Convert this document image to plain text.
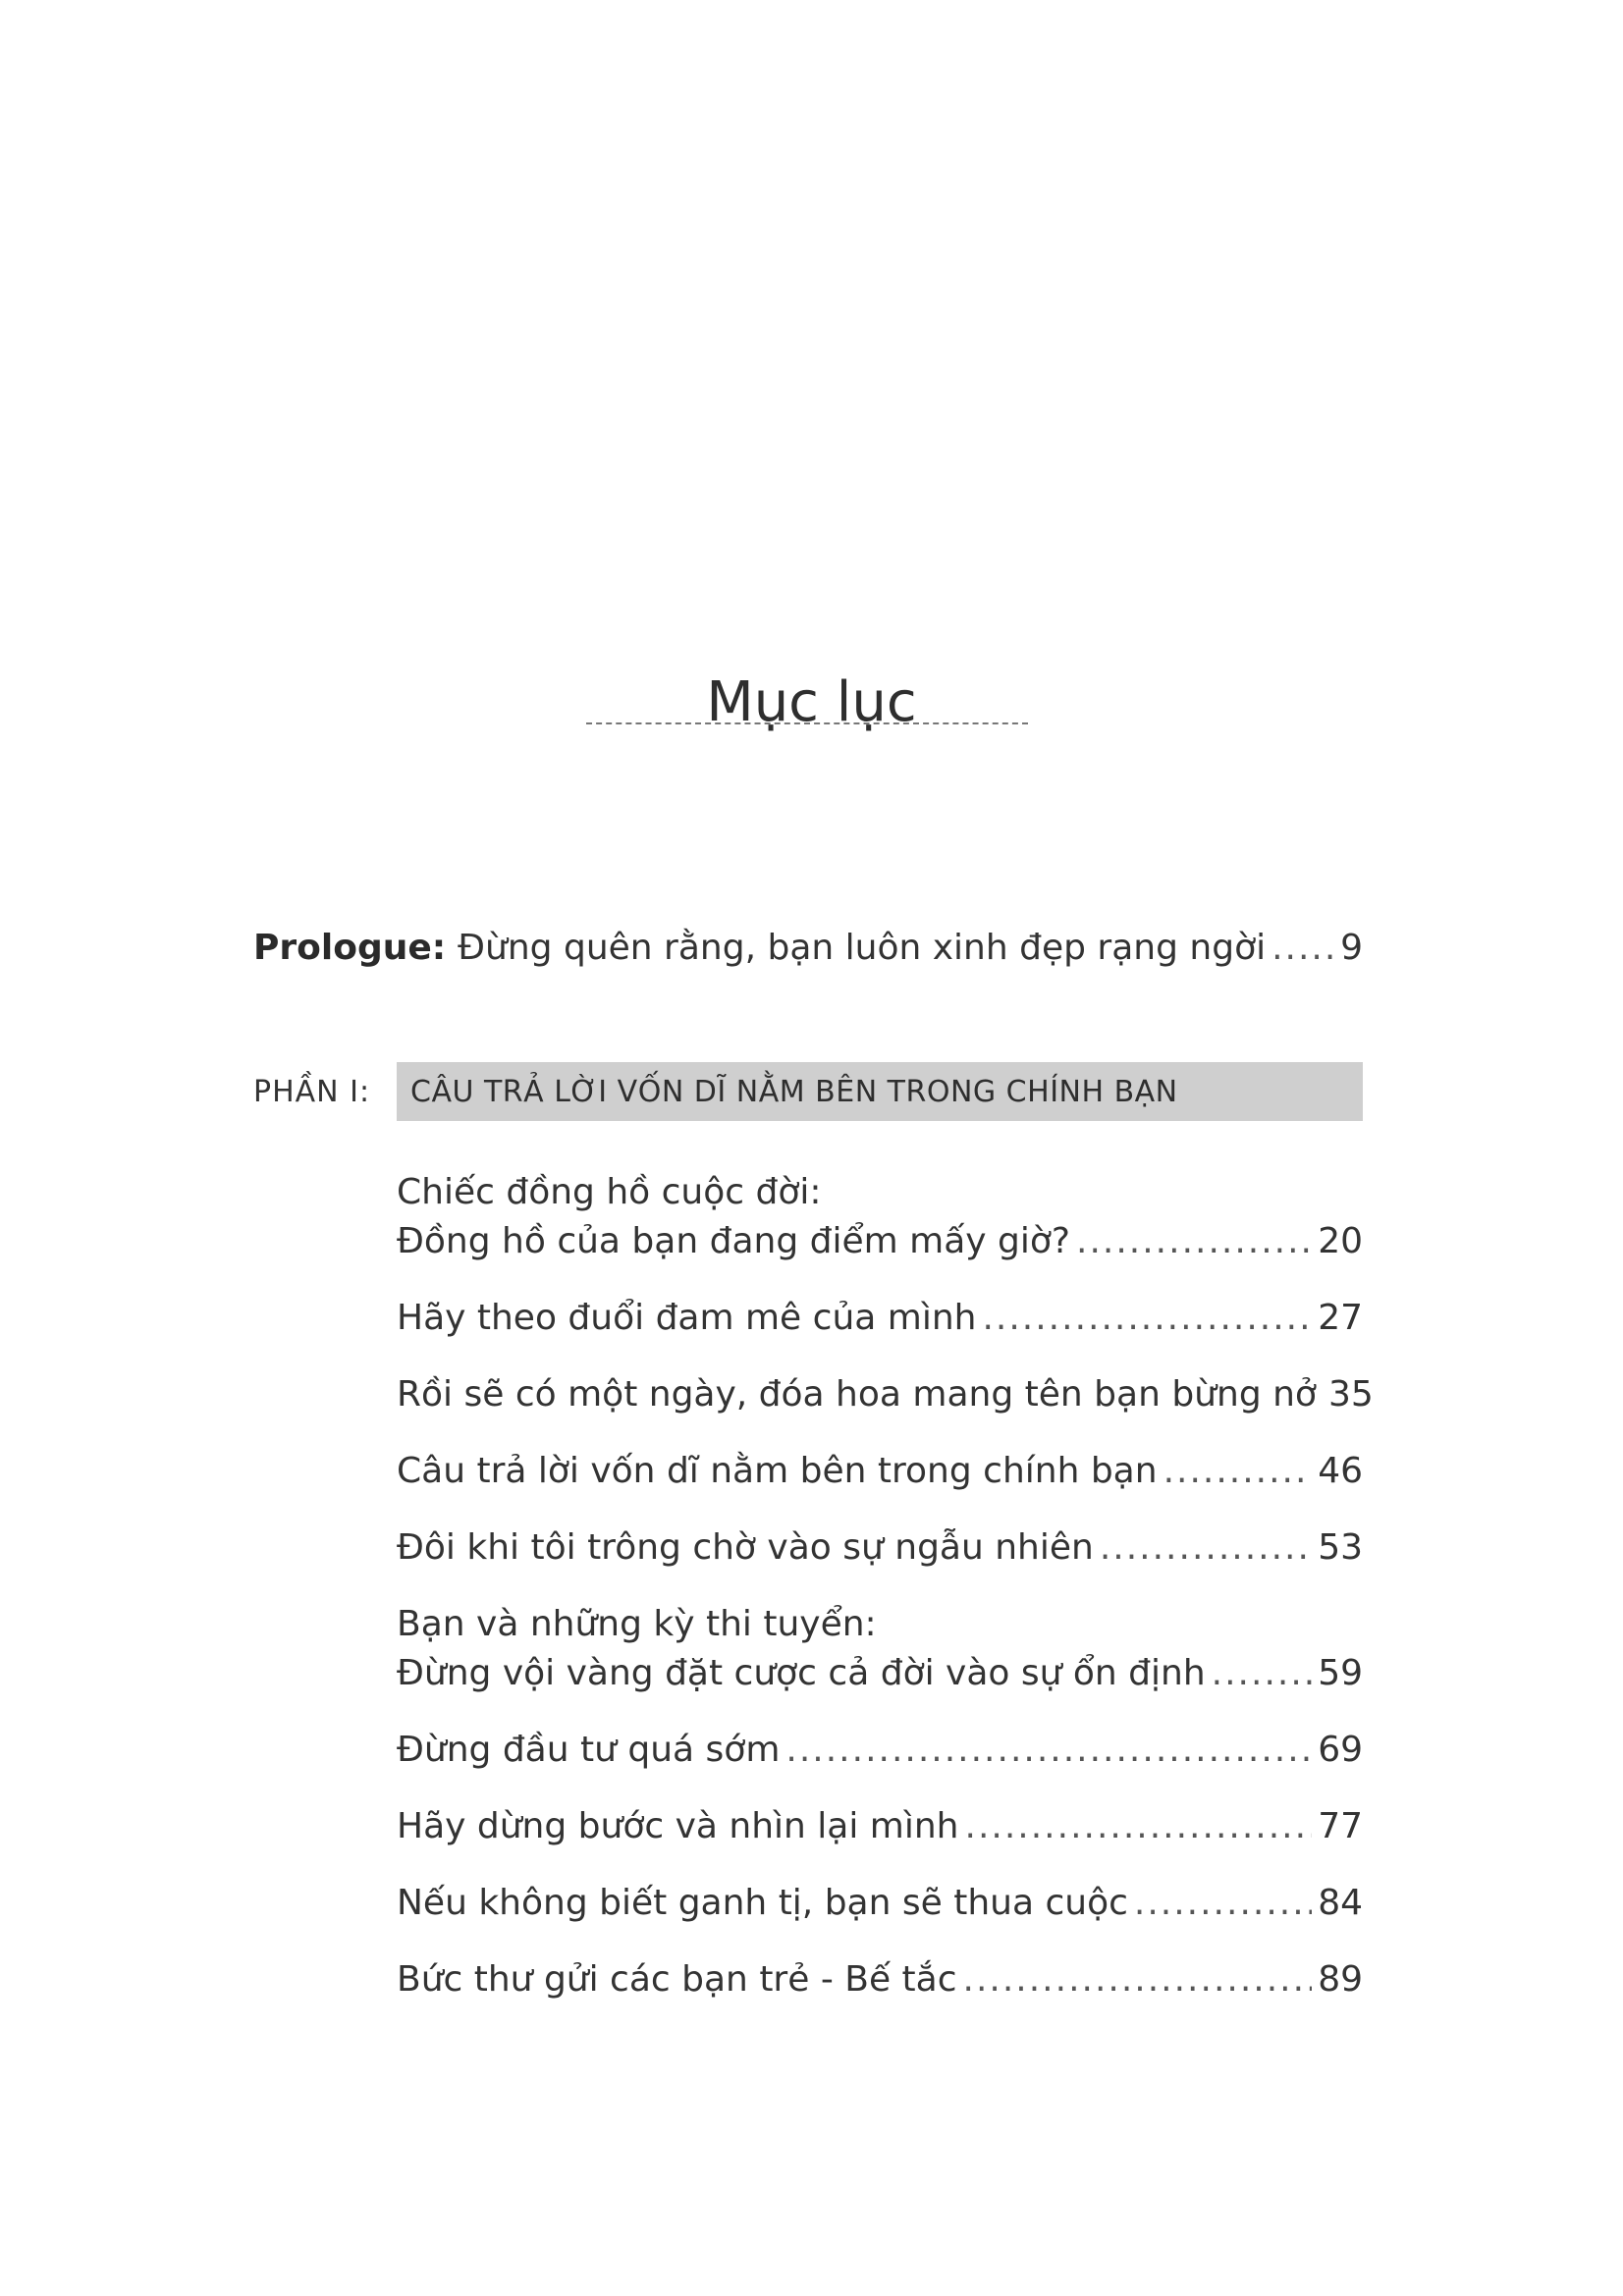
Mục lục
Prologue: Đừng quên rằng, bạn luôn xinh đẹp rạng ngời ..... 9
PHẦN I:	CÂU TRẢ LỜI VỐN DĨ NẰM BÊN TRONG CHÍNH BẠN
Chiếc đồng hồ cuộc đời:
Đồng hồ của bạn đang điểm mấy giờ? .....	20
Hãy theo đuổi đam mê của mình .....	27
Rồi sẽ có một ngày, đóa hoa mang tên bạn bừng nở 35
Câu trả lời vốn dĩ nằm bên trong chính bạn .....	46
Đôi khi tôi trông chờ vào sự ngẫu nhiên .....	53
Bạn và những kỳ thi tuyển:
Đừng vội vàng đặt cược cả đời vào sự ổn định .....	59
Đừng đầu tư quá sớm .....	69
Hãy dừng bước và nhìn lại mình .....	77
Nếu không biết ganh tị, bạn sẽ thua cuộc .....	84
Bức thư gửi các bạn trẻ - Bế tắc .....	89
